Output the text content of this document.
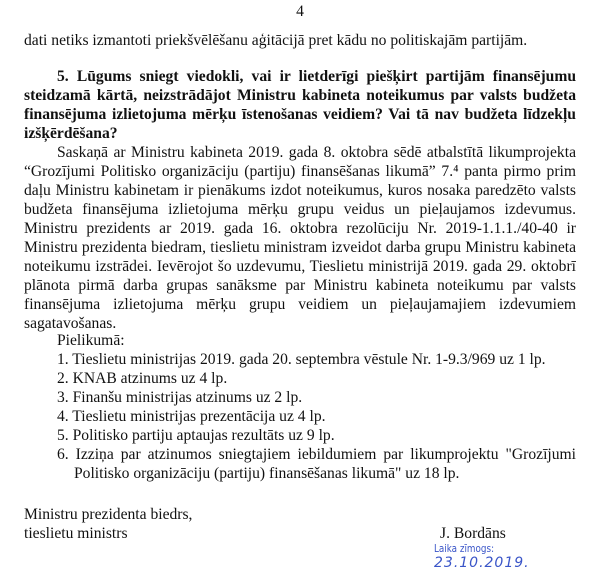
4
dati netiks izmantoti priekšvēlēšanu aģitācijā pret kādu no politiskajām partijām.
5. Lūgums sniegt viedokli, vai ir lietderīgi piešķirt partijām finansējumu
steidzamā kārtā, neizstrādājot Ministru kabineta noteikumus par valsts budžeta
finansējuma izlietojuma mērķu īstenošanas veidiem? Vai tā nav budžeta līdzekļu
izšķērdēšana?
Saskaņā ar Ministru kabineta 2019. gada 8. oktobra sēdē atbalstītā likumprojekta
“Grozījumi Politisko organizāciju (partiju) finansēšanas likumā” 7.⁴ panta pirmo prim
daļu Ministru kabinetam ir pienākums izdot noteikumus, kuros nosaka paredzēto valsts
budžeta finansējuma izlietojuma mērķu grupu veidus un pieļaujamos izdevumus.
Ministru prezidents ar 2019. gada 16. oktobra rezolūciju Nr. 2019-1.1.1./40-40 ir
Ministru prezidenta biedram, tieslietu ministram izveidot darba grupu Ministru kabineta
noteikumu izstrādei. Ievērojot šo uzdevumu, Tieslietu ministrijā 2019. gada 29. oktobrī
plānota pirmā darba grupas sanāksme par Ministru kabineta noteikumu par valsts
finansējuma izlietojuma mērķu grupu veidiem un pieļaujamajiem izdevumiem
sagatavošanas.
Pielikumā:
1. Tieslietu ministrijas 2019. gada 20. septembra vēstule Nr. 1-9.3/969 uz 1 lp.
2. KNAB atzinums uz 4 lp.
3. Finanšu ministrijas atzinums uz 2 lp.
4. Tieslietu ministrijas prezentācija uz 4 lp.
5. Politisko partiju aptaujas rezultāts uz 9 lp.
6. Izziņa par atzinumos sniegtajiem iebildumiem par likumprojektu "Grozījumi
Politisko organizāciju (partiju) finansēšanas likumā" uz 18 lp.
Ministru prezidenta biedrs,
tieslietu ministrs	J. Bordāns
Laika zīmogs:
23.10.2019.
